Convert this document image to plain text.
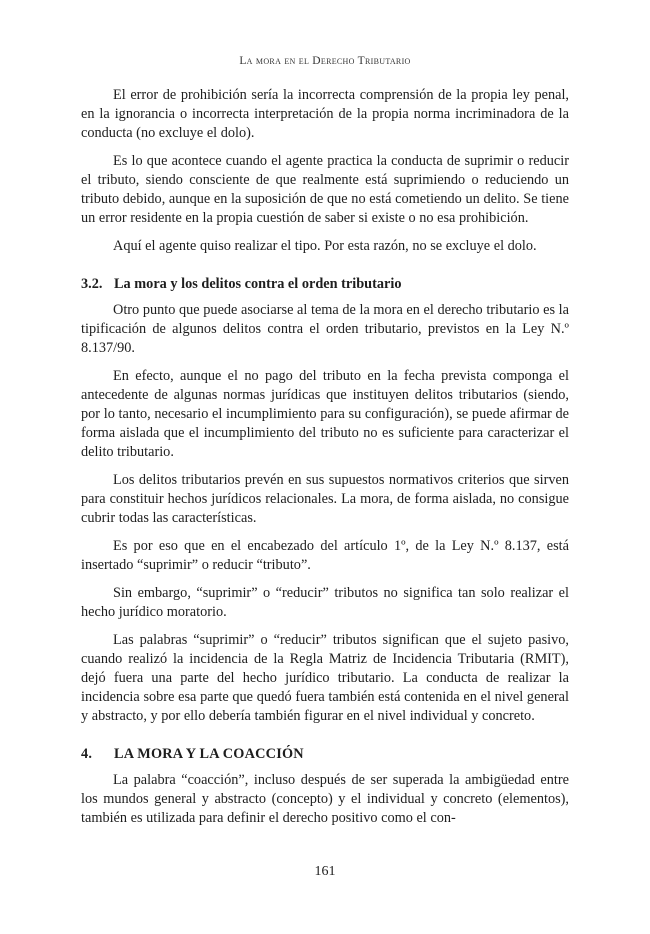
La mora en el Derecho Tributario

El error de prohibición sería la incorrecta comprensión de la propia ley penal, en la ignorancia o incorrecta interpretación de la propia norma incriminadora de la conducta (no excluye el dolo).

Es lo que acontece cuando el agente practica la conducta de suprimir o reducir el tributo, siendo consciente de que realmente está suprimiendo o reduciendo un tributo debido, aunque en la suposición de que no está cometiendo un delito. Se tiene un error residente en la propia cuestión de saber si existe o no esa prohibición.

Aquí el agente quiso realizar el tipo. Por esta razón, no se excluye el dolo.

3.2. La mora y los delitos contra el orden tributario

Otro punto que puede asociarse al tema de la mora en el derecho tributario es la tipificación de algunos delitos contra el orden tributario, previstos en la Ley N.º 8.137/90.

En efecto, aunque el no pago del tributo en la fecha prevista componga el antecedente de algunas normas jurídicas que instituyen delitos tributarios (siendo, por lo tanto, necesario el incumplimiento para su configuración), se puede afirmar de forma aislada que el incumplimiento del tributo no es suficiente para caracterizar el delito tributario.

Los delitos tributarios prevén en sus supuestos normativos criterios que sirven para constituir hechos jurídicos relacionales. La mora, de forma aislada, no consigue cubrir todas las características.

Es por eso que en el encabezado del artículo 1º, de la Ley N.º 8.137, está insertado “suprimir” o reducir “tributo”.

Sin embargo, “suprimir” o “reducir” tributos no significa tan solo realizar el hecho jurídico moratorio.

Las palabras “suprimir” o “reducir” tributos significan que el sujeto pasivo, cuando realizó la incidencia de la Regla Matriz de Incidencia Tributaria (RMIT), dejó fuera una parte del hecho jurídico tributario. La conducta de realizar la incidencia sobre esa parte que quedó fuera también está contenida en el nivel general y abstracto, y por ello debería también figurar en el nivel individual y concreto.

4.	LA MORA Y LA COACCIÓN

La palabra “coacción”, incluso después de ser superada la ambigüedad entre los mundos general y abstracto (concepto) y el individual y concreto (elementos), también es utilizada para definir el derecho positivo como el con-

161
